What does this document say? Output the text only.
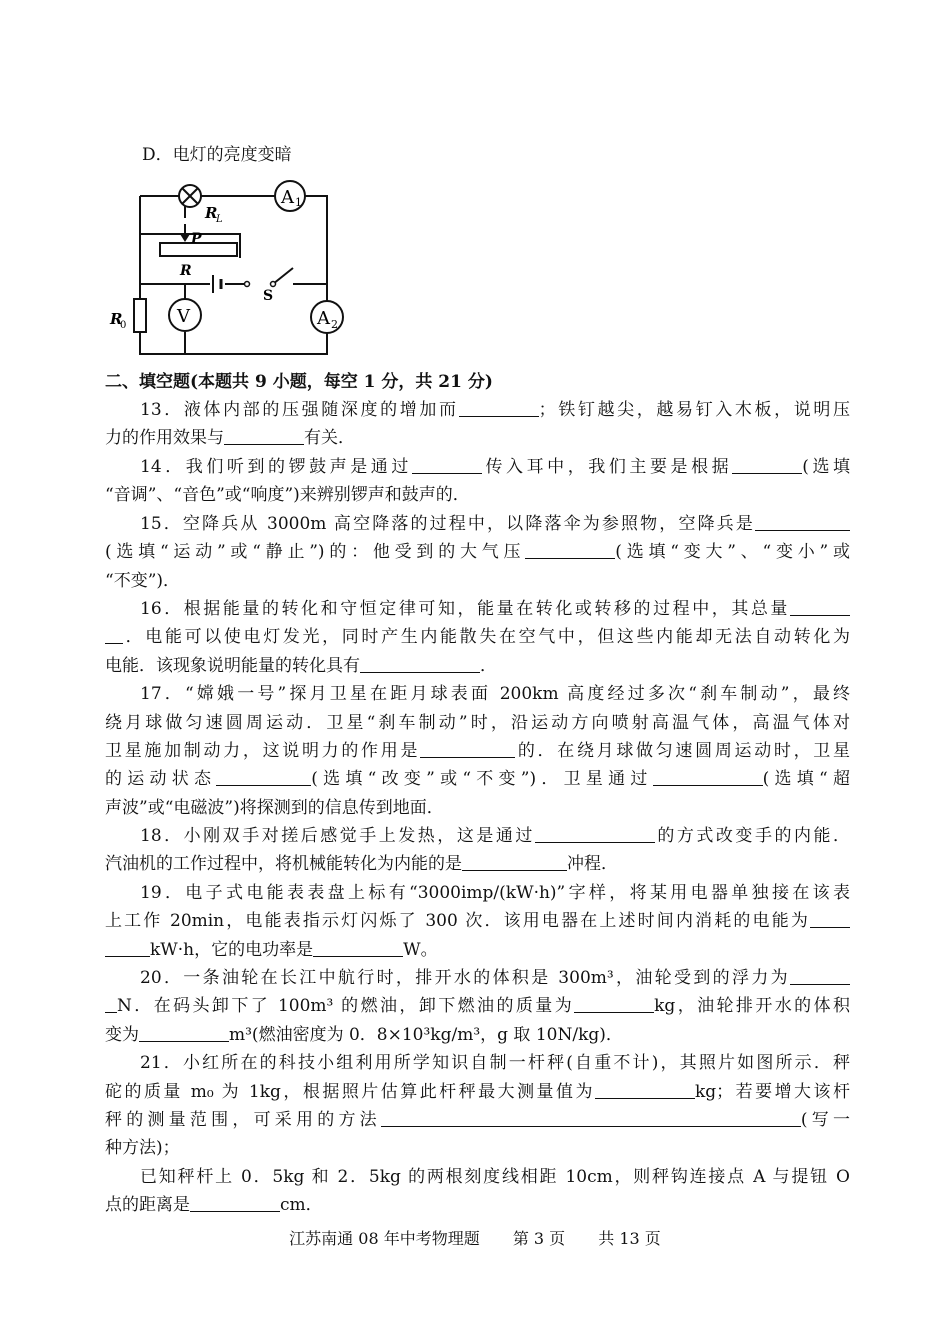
D．电灯的亮度变暗
A 1
R
L
P
R
S
R
0	V	A 2
二、填空题(本题共 9 小题，每空 1 分，共 21 分)
13．液体内部的压强随深度的增加而	；铁钉越尖，越易钉入木板，说明压
力的作用效果与	有关．
14．我们听到的锣鼓声是通过	传入耳中，我们主要是根据	(选填
“音调”、“音色”或“响度”)来辨别锣声和鼓声的．
15．空降兵从 3000m 高空降落的过程中，以降落伞为参照物，空降兵是
(选填“运动”或“静止”)的：他受到的大气压	(选填“变大”、“变小”或
“不变”)．
16．根据能量的转化和守恒定律可知，能量在转化或转移的过程中，其总量
．电能可以使电灯发光，同时产生内能散失在空气中，但这些内能却无法自动转化为
电能．该现象说明能量的转化具有	．
17．“嫦娥一号”探月卫星在距月球表面 200km 高度经过多次“刹车制动”，最终
绕月球做匀速圆周运动．卫星“刹车制动”时，沿运动方向喷射高温气体，高温气体对
卫星施加制动力，这说明力的作用是	的．在绕月球做匀速圆周运动时，卫星
的运动状态	(选填“改变”或“不变”)．卫星通过	(选填“超
声波”或“电磁波”)将探测到的信息传到地面．
18．小刚双手对搓后感觉手上发热，这是通过	的方式改变手的内能．
汽油机的工作过程中，将机械能转化为内能的是	冲程．
19．电子式电能表表盘上标有“3000imp/(kW·h)”字样，将某用电器单独接在该表
上工作 20min，电能表指示灯闪烁了 300 次．该用电器在上述时间内消耗的电能为
kW·h，它的电功率是	W。
20．一条油轮在长江中航行时，排开水的体积是 300m³，油轮受到的浮力为
N．在码头卸下了 100m³ 的燃油，卸下燃油的质量为	kg，油轮排开水的体积
变为	m³(燃油密度为 0．8×10³kg/m³，g 取 10N/kg)．
21．小红所在的科技小组利用所学知识自制一杆秤(自重不计)，其照片如图所示．秤
砣的质量 m₀ 为 1kg，根据照片估算此杆秤最大测量值为	kg；若要增大该杆
秤的测量范围，可采用的方法	(写一
种方法)；
已知秤杆上 0．5kg 和 2．5kg 的两根刻度线相距 10cm，则秤钩连接点 A 与提钮 O
点的距离是	cm．
江苏南通 08 年中考物理题 第 3 页 共 13 页
